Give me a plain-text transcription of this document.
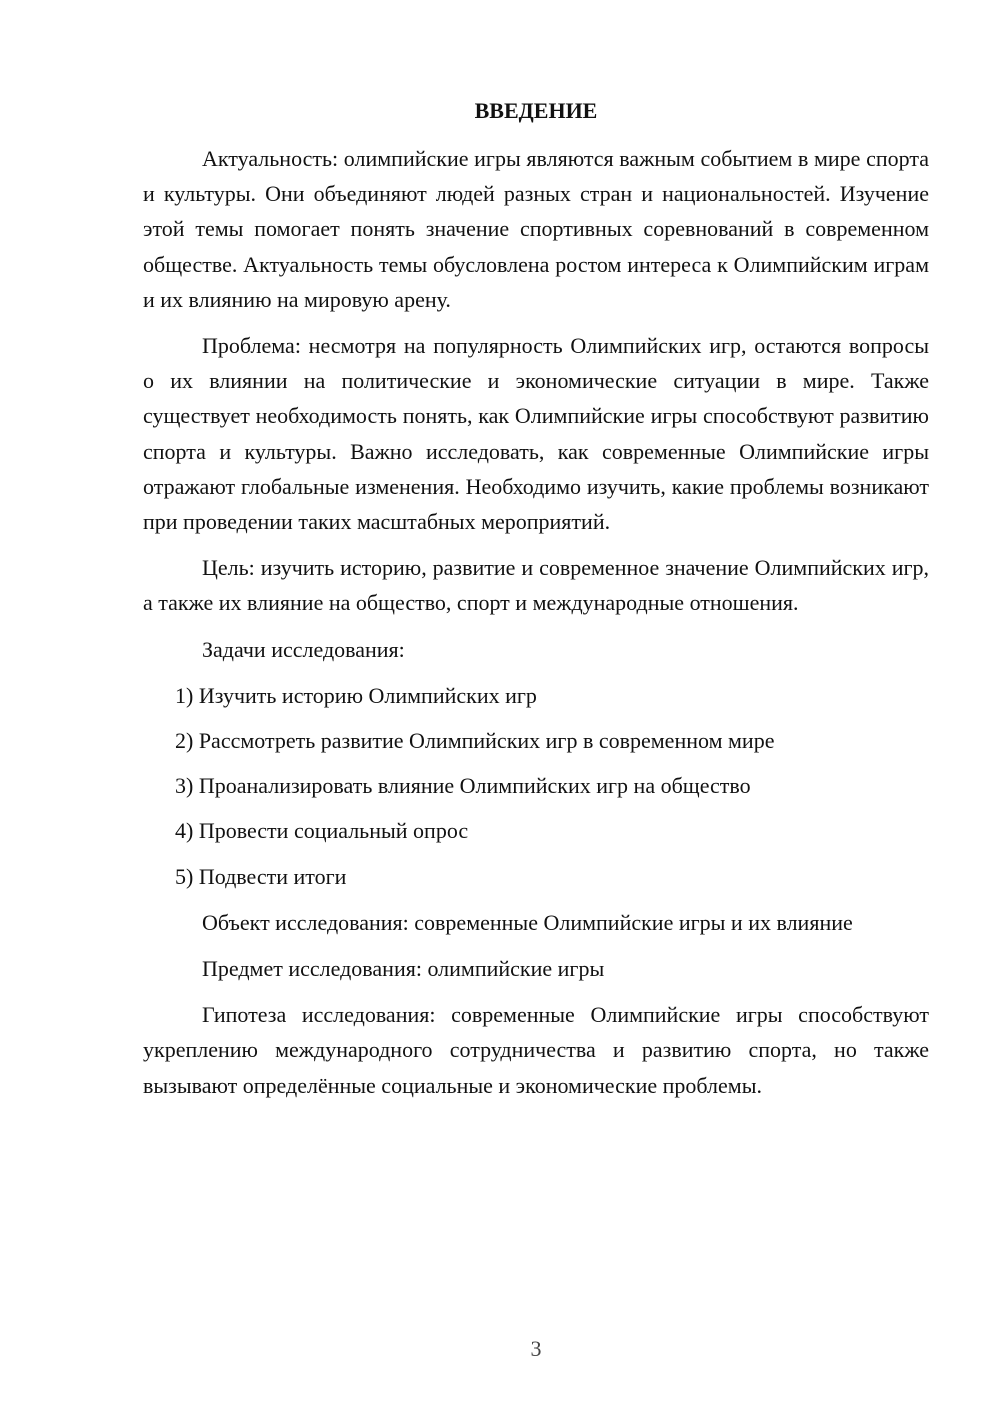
ВВЕДЕНИЕ

Актуальность: олимпийские игры являются важным событием в мире спорта и культуры. Они объединяют людей разных стран и национальностей. Изучение этой темы помогает понять значение спортивных соревнований в современном обществе. Актуальность темы обусловлена ростом интереса к Олимпийским играм и их влиянию на мировую арену.

Проблема: несмотря на популярность Олимпийских игр, остаются вопросы о их влиянии на политические и экономические ситуации в мире. Также существует необходимость понять, как Олимпийские игры способствуют развитию спорта и культуры. Важно исследовать, как современные Олимпийские игры отражают глобальные изменения. Необходимо изучить, какие проблемы возникают при проведении таких масштабных мероприятий.

Цель: изучить историю, развитие и современное значение Олимпийских игр, а также их влияние на общество, спорт и международные отношения.

Задачи исследования:

1) Изучить историю Олимпийских игр
2) Рассмотреть развитие Олимпийских игр в современном мире
3) Проанализировать влияние Олимпийских игр на общество
4) Провести социальный опрос
5) Подвести итоги

Объект исследования: современные Олимпийские игры и их влияние

Предмет исследования: олимпийские игры

Гипотеза исследования: современные Олимпийские игры способствуют укреплению международного сотрудничества и развитию спорта, но также вызывают определённые социальные и экономические проблемы.

3
